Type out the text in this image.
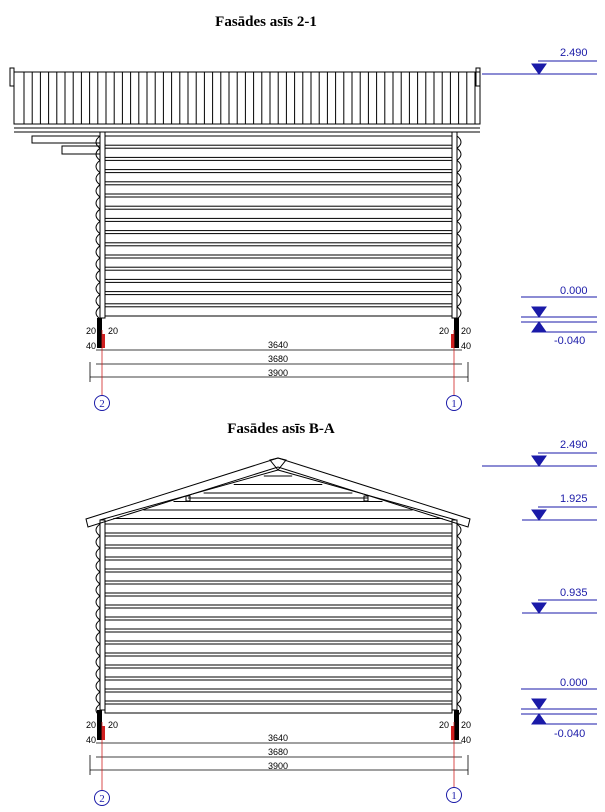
Fasādes asīs 2-1
20 20
40
20 20
40
3640
3680
3900
2	1
2.490
0.000
-0.040
Fasādes asīs B-A
20 20
40
20 20
40
3640
3680
3900
2	1
2.490
1.925
0.935
0.000
-0.040
